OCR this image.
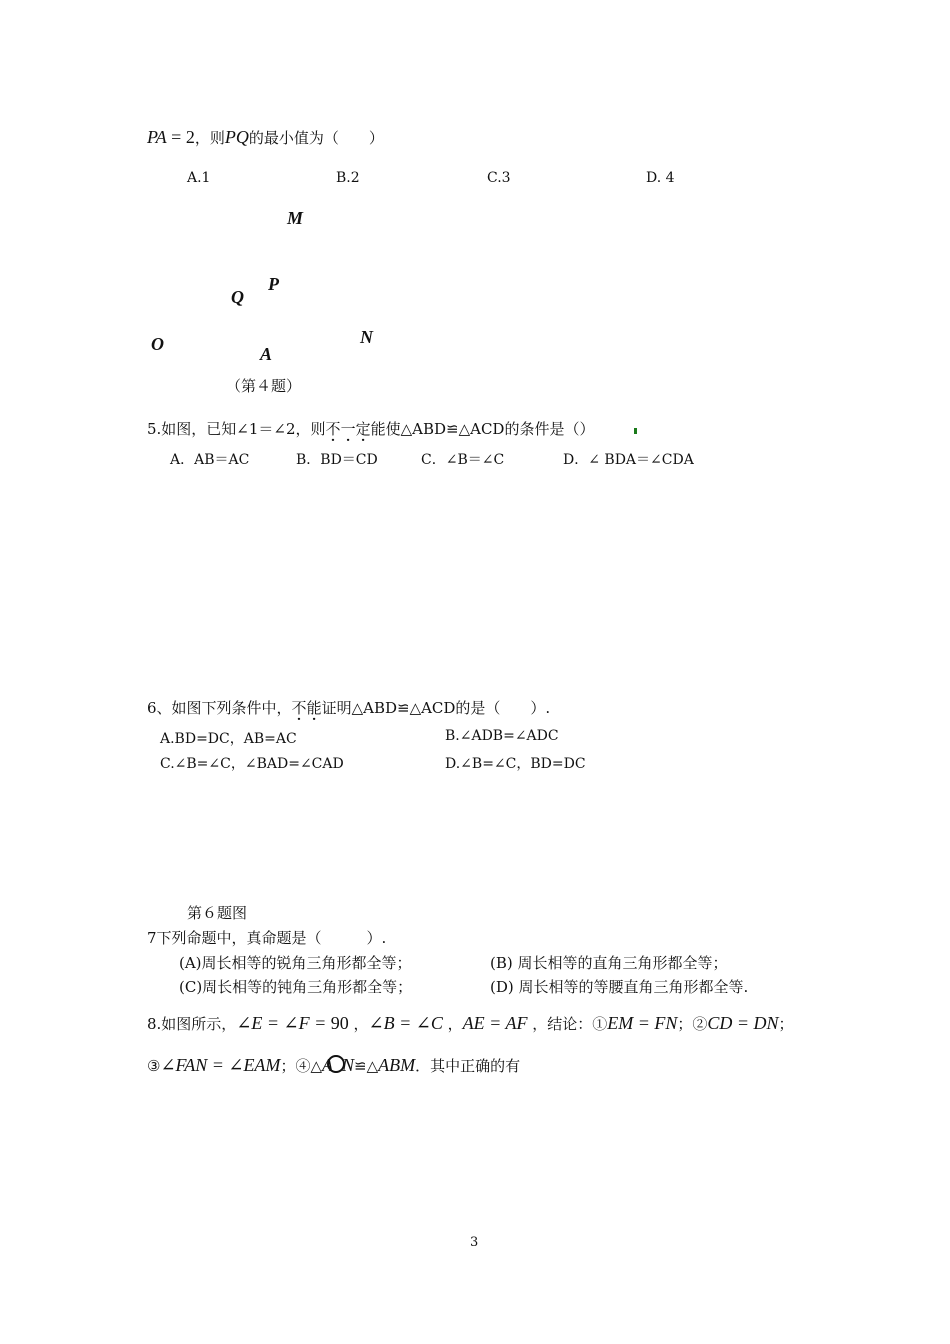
PA = 2，则PQ的最小值为（　　）
A.1	B.2	C.3	D. 4
M
P
Q
O	N
A
（第４题）
5.如图，已知∠1＝∠2，则不一定能使△ABD≌△ACD的条件是（）
A．AB＝AC	B．BD＝CD	C．∠B＝∠C	D．∠ BDA＝∠CDA
6、如图下列条件中，不能证明△ABD≌△ACD的是（　　）.
A.BD=DC，AB=AC	B.∠ADB=∠ADC
C.∠B=∠C，∠BAD=∠CAD	D.∠B=∠C，BD=DC
第６题图
7下列命题中，真命题是（　　　）.
(A)周长相等的锐角三角形都全等；	(B) 周长相等的直角三角形都全等；
(C)周长相等的钝角三角形都全等；	(D) 周长相等的等腰直角三角形都全等.
8.如图所示，∠E = ∠F = 90 ，∠B = ∠C ，AE = AF ，结论：①EM = FN；②CD = DN；
③∠FAN = ∠EAM；④△A N≌△ABM．其中正确的有
3
